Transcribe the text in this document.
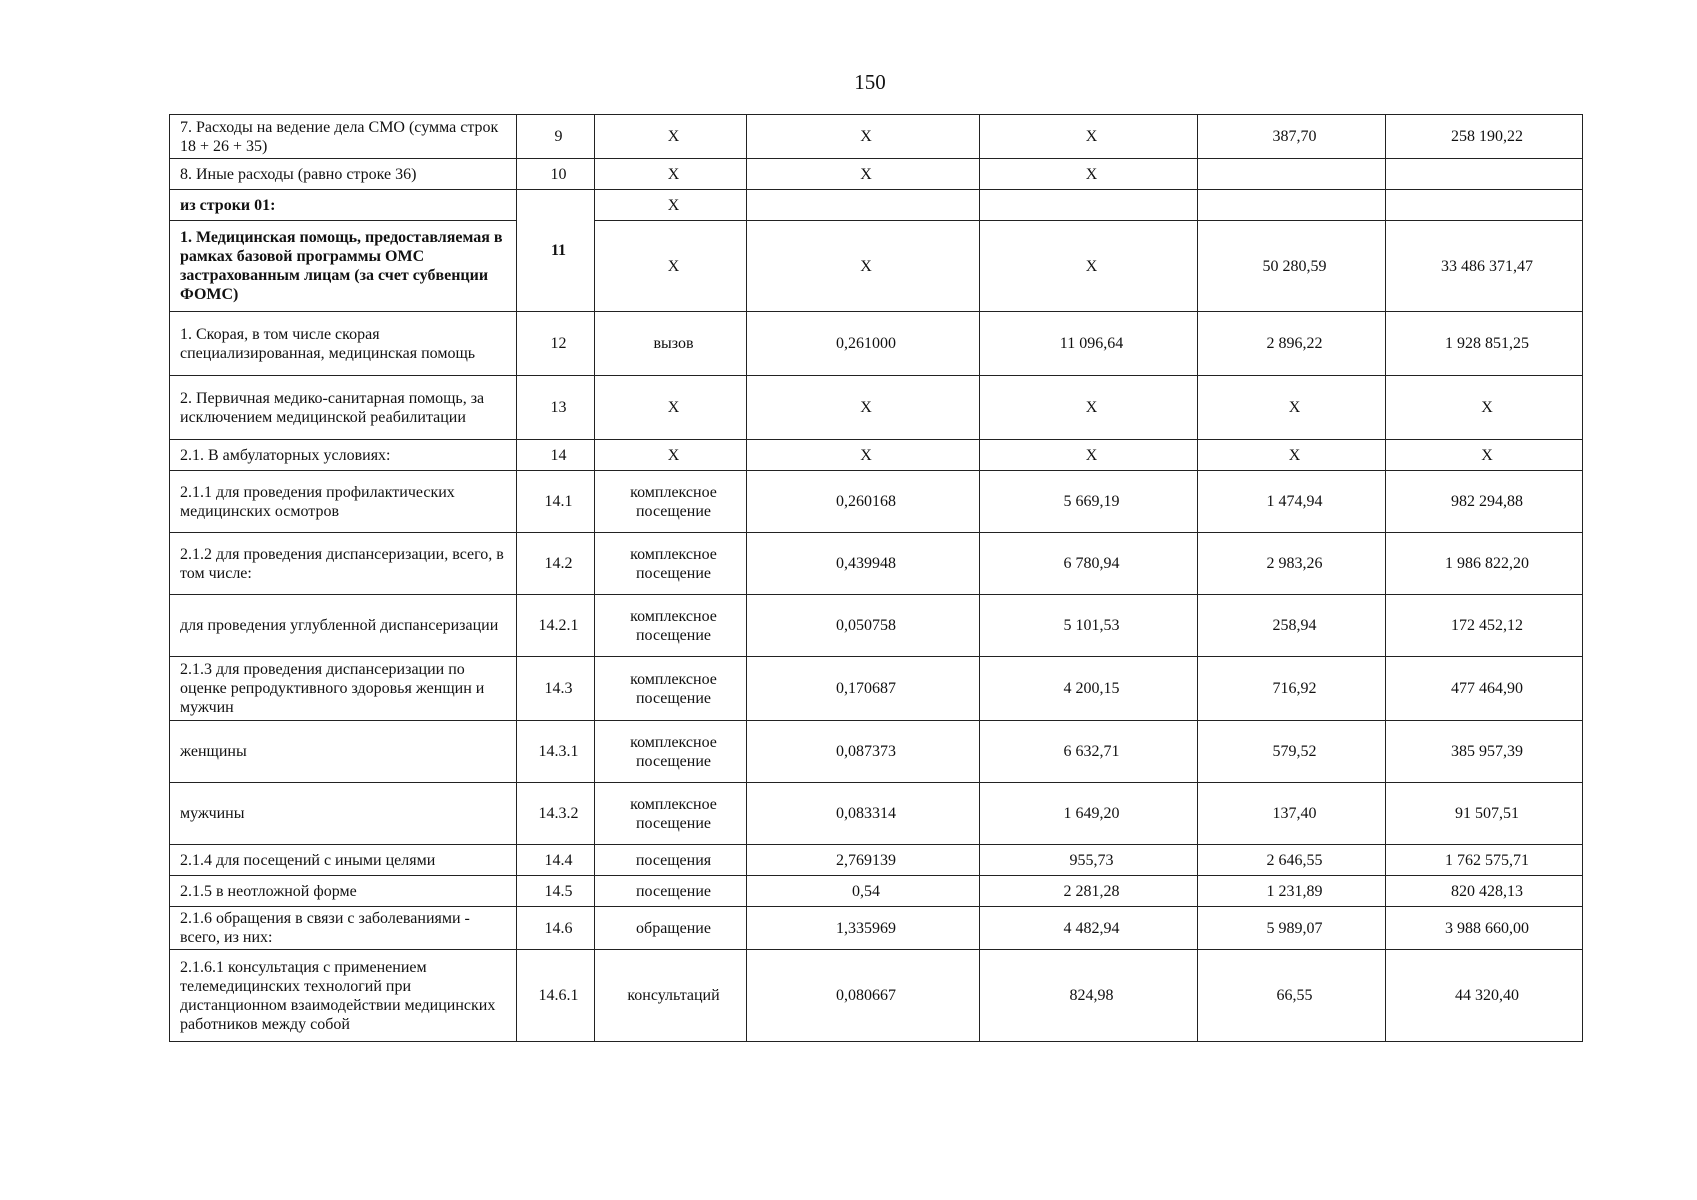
150
7. Расходы на ведение дела СМО (сумма строк 18 + 26 + 35)	9	Х	Х	Х	387,70	258 190,22
8. Иные расходы (равно строке 36)	10	Х	Х	Х		
из строки 01:	11	Х				
1. Медицинская помощь, предоставляемая в рамках базовой программы ОМС застрахованным лицам (за счет субвенции ФОМС)		Х	Х	Х	50 280,59	33 486 371,47
1. Скорая, в том числе скорая специализированная, медицинская помощь	12	вызов	0,261000	11 096,64	2 896,22	1 928 851,25
2. Первичная медико-санитарная помощь, за исключением медицинской реабилитации	13	Х	Х	Х	Х	Х
2.1. В амбулаторных условиях:	14	Х	Х	Х	Х	Х
2.1.1 для проведения профилактических медицинских осмотров	14.1	комплексное посещение	0,260168	5 669,19	1 474,94	982 294,88
2.1.2 для проведения диспансеризации, всего, в том числе:	14.2	комплексное посещение	0,439948	6 780,94	2 983,26	1 986 822,20
для проведения углубленной диспансеризации	14.2.1	комплексное посещение	0,050758	5 101,53	258,94	172 452,12
2.1.3 для проведения диспансеризации по оценке репродуктивного здоровья женщин и мужчин	14.3	комплексное посещение	0,170687	4 200,15	716,92	477 464,90
женщины	14.3.1	комплексное посещение	0,087373	6 632,71	579,52	385 957,39
мужчины	14.3.2	комплексное посещение	0,083314	1 649,20	137,40	91 507,51
2.1.4 для посещений с иными целями	14.4	посещения	2,769139	955,73	2 646,55	1 762 575,71
2.1.5 в неотложной форме	14.5	посещение	0,54	2 281,28	1 231,89	820 428,13
2.1.6 обращения в связи с заболеваниями - всего, из них:	14.6	обращение	1,335969	4 482,94	5 989,07	3 988 660,00
2.1.6.1 консультация с применением телемедицинских технологий при дистанционном взаимодействии медицинских работников между собой	14.6.1	консультаций	0,080667	824,98	66,55	44 320,40
